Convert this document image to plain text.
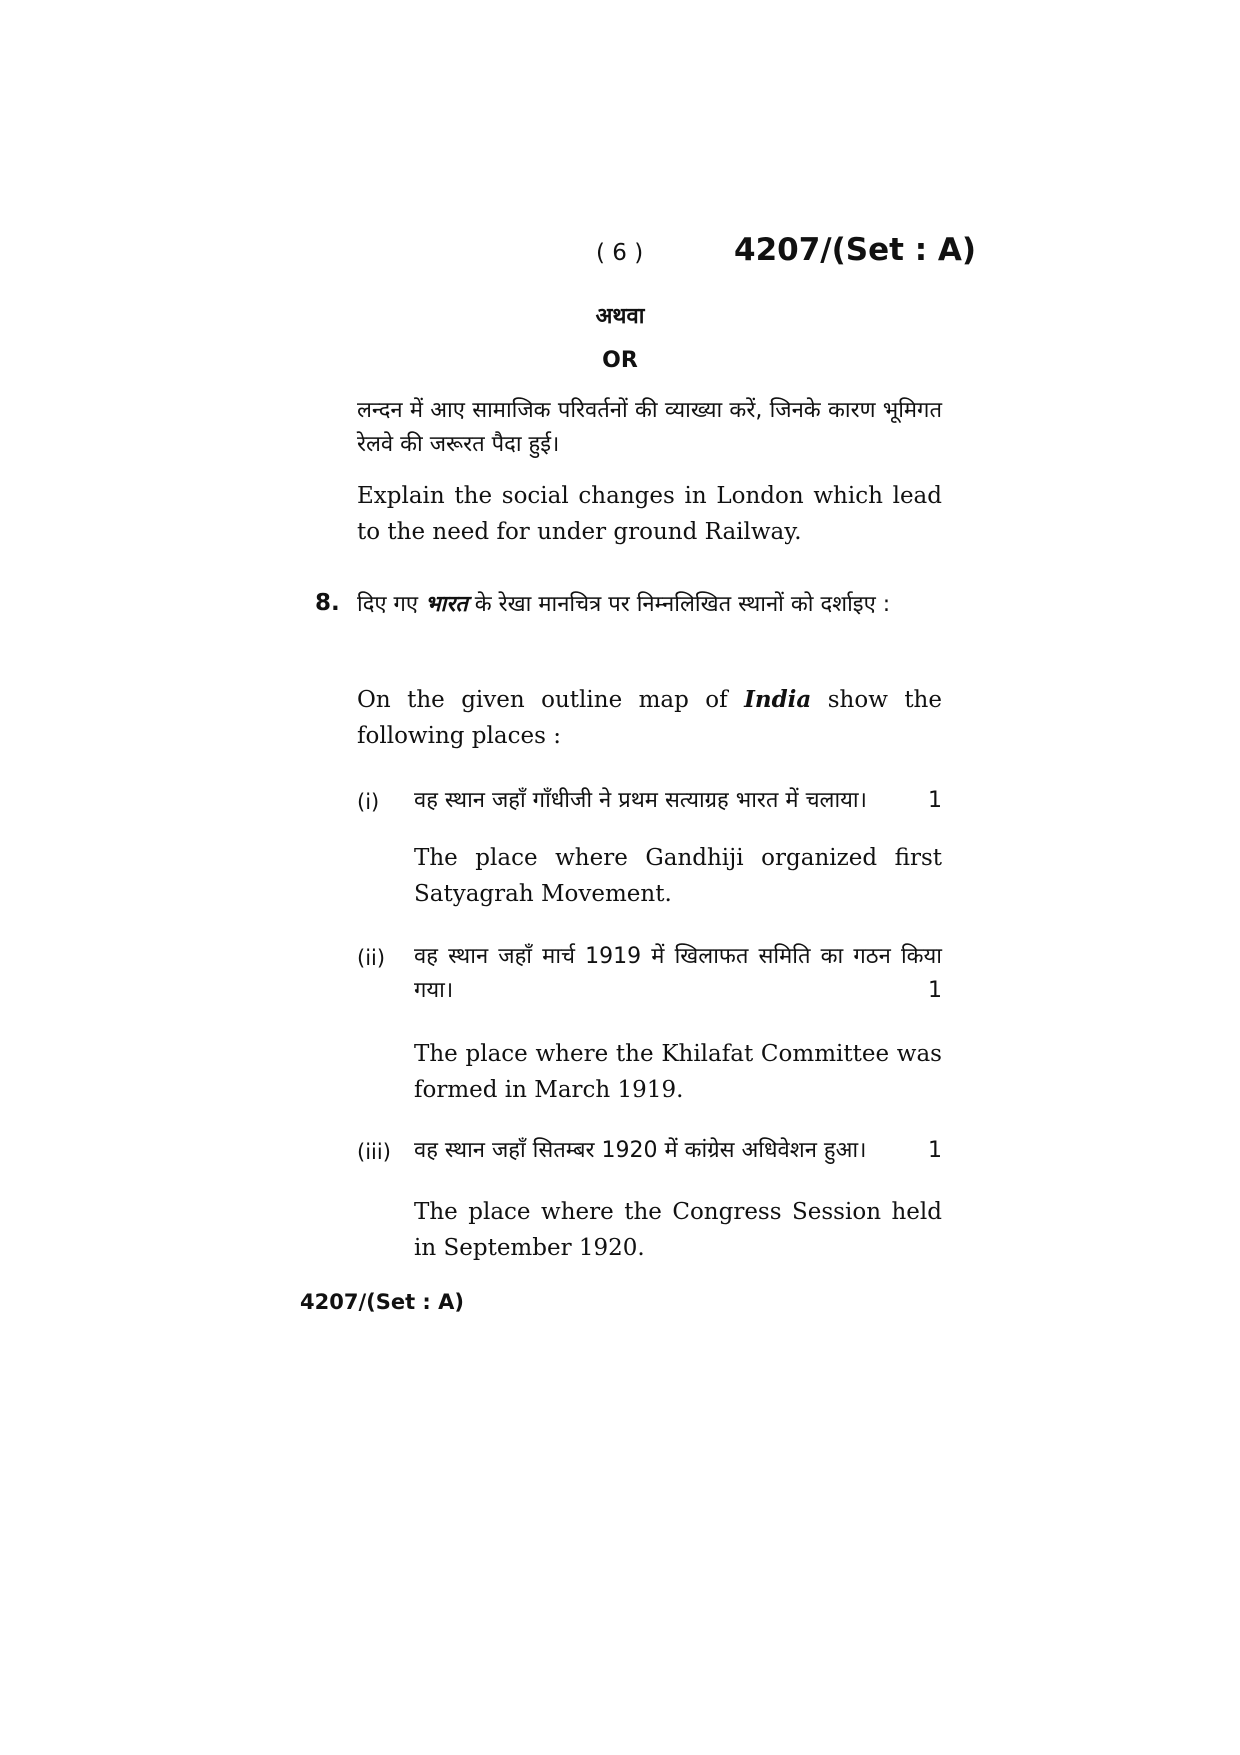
( 6 )	4207/(Set : A)
अथवा
OR
लन्दन में आए सामाजिक परिवर्तनों की व्याख्या करें, जिनके कारण भूमिगत रेलवे की जरूरत पैदा हुई।
Explain the social changes in London which lead to the need for under ground Railway.
8. दिए गए भारत के रेखा मानचित्र पर निम्नलिखित स्थानों को दर्शाइए :
On the given outline map of India show the following places :
(i)	1
वह स्थान जहाँ गाँधीजी ने प्रथम सत्याग्रह भारत में चलाया।
The place where Gandhiji organized first Satyagrah Movement.
(ii) वह स्थान जहाँ मार्च 1919 में खिलाफत समिति का गठन किया गया।	1
The place where the Khilafat Committee was formed in March 1919.
(iii)	1
वह स्थान जहाँ सितम्बर 1920 में कांग्रेस अधिवेशन हुआ।
The place where the Congress Session held in September 1920.
4207/(Set : A)
